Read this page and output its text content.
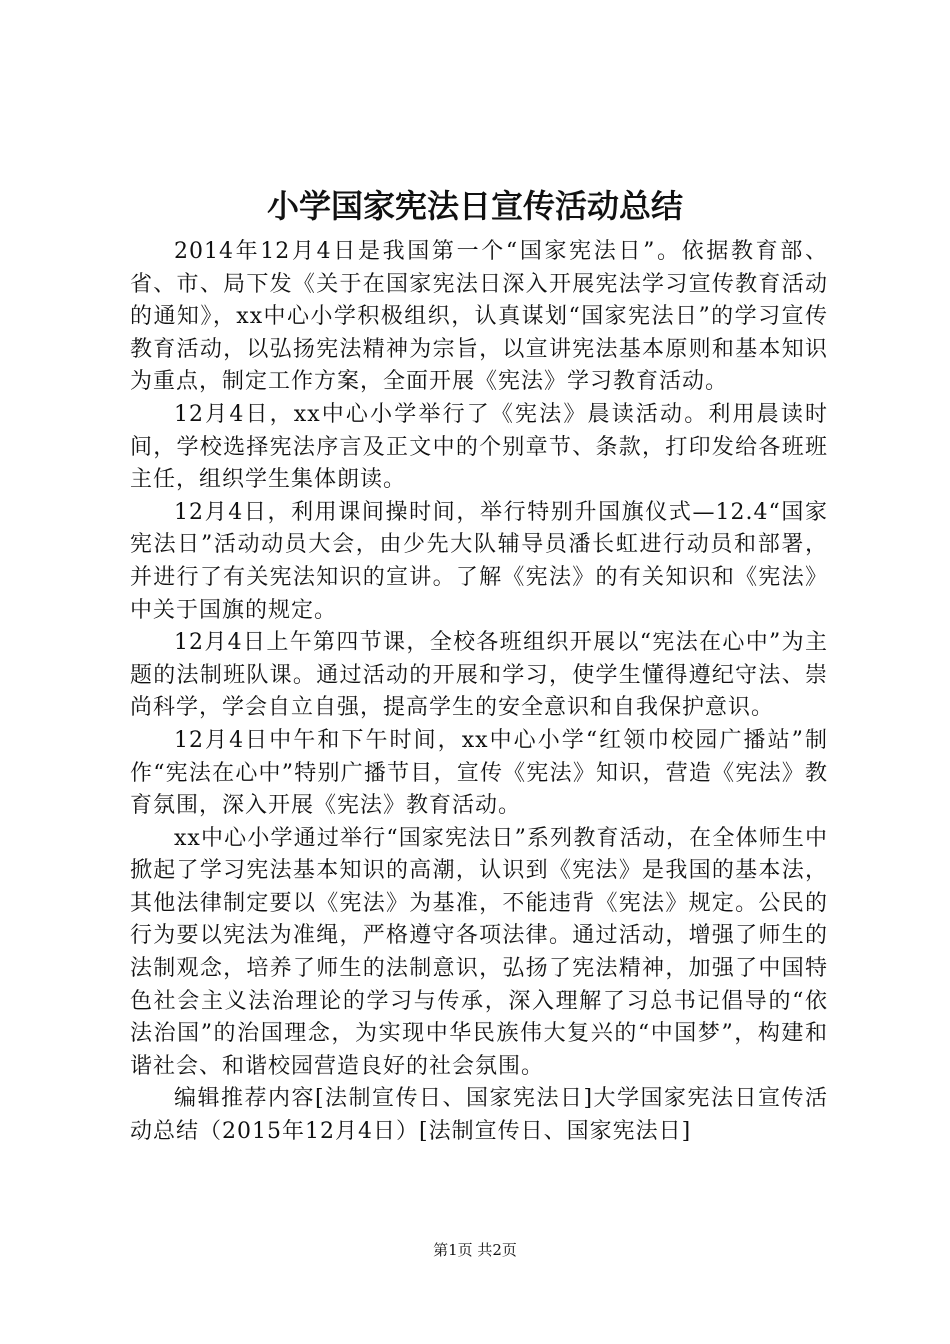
小学国家宪法日宣传活动总结

2014年12月4日是我国第一个“国家宪法日”。依据教育部、省、市、局下发《关于在国家宪法日深入开展宪法学习宣传教育活动的通知》，xx中心小学积极组织，认真谋划“国家宪法日”的学习宣传教育活动，以弘扬宪法精神为宗旨，以宣讲宪法基本原则和基本知识为重点，制定工作方案，全面开展《宪法》学习教育活动。

12月4日，xx中心小学举行了《宪法》晨读活动。利用晨读时间，学校选择宪法序言及正文中的个别章节、条款，打印发给各班班主任，组织学生集体朗读。

12月4日，利用课间操时间，举行特别升国旗仪式—12.4“国家宪法日”活动动员大会，由少先大队辅导员潘长虹进行动员和部署，并进行了有关宪法知识的宣讲。了解《宪法》的有关知识和《宪法》中关于国旗的规定。

12月4日上午第四节课，全校各班组织开展以“宪法在心中”为主题的法制班队课。通过活动的开展和学习，使学生懂得遵纪守法、崇尚科学，学会自立自强，提高学生的安全意识和自我保护意识。

12月4日中午和下午时间，xx中心小学“红领巾校园广播站”制作“宪法在心中”特别广播节目，宣传《宪法》知识，营造《宪法》教育氛围，深入开展《宪法》教育活动。

xx中心小学通过举行“国家宪法日”系列教育活动，在全体师生中掀起了学习宪法基本知识的高潮，认识到《宪法》是我国的基本法，其他法律制定要以《宪法》为基准，不能违背《宪法》规定。公民的行为要以宪法为准绳，严格遵守各项法律。通过活动，增强了师生的法制观念，培养了师生的法制意识，弘扬了宪法精神，加强了中国特色社会主义法治理论的学习与传承，深入理解了习总书记倡导的“依法治国”的治国理念，为实现中华民族伟大复兴的“中国梦”，构建和谐社会、和谐校园营造良好的社会氛围。

编辑推荐内容[法制宣传日、国家宪法日]大学国家宪法日宣传活动总结（2015年12月4日）[法制宣传日、国家宪法日]

第1页 共2页
